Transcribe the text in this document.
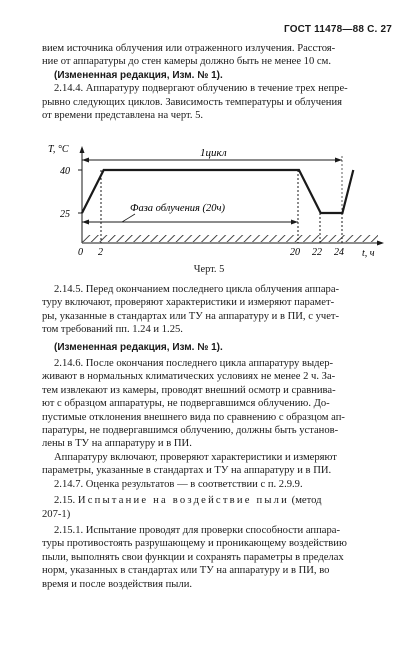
ГОСТ 11478—88 С. 27

вием источника облучения или отраженного излучения. Расстоя-

ние от аппаратуры до стен камеры должно быть не менее 10 см.

(Измененная редакция, Изм. № 1).

2.14.4. Аппаратуру подвергают облучению в течение трех непре-

рывно следующих циклов. Зависимость температуры и облучения

от времени представлена на черт. 5.

T, °C
t, ч
40
25
0 2	20 22 24
1цикл
Фаза облучения (20ч)
Черт. 5

2.14.5. Перед окончанием последнего цикла облучения аппара-

туру включают, проверяют характеристики и измеряют парамет-

ры, указанные в стандартах или ТУ на аппаратуру и в ПИ, с учет-

том требований пп. 1.24 и 1.25.

(Измененная редакция, Изм. № 1).

2.14.6. После окончания последнего цикла аппаратуру выдер-

живают в нормальных климатических условиях не менее 2 ч. За-

тем извлекают из камеры, проводят внешний осмотр и сравнива-

ют с образцом аппаратуры, не подвергавшимся облучению. До-

пустимые отклонения внешнего вида по сравнению с образцом ап-

паратуры, не подвергавшимся облучению, должны быть установ-

лены в ТУ на аппаратуру и в ПИ.

Аппаратуру включают, проверяют характеристики и измеряют

параметры, указанные в стандартах и ТУ на аппаратуру и в ПИ.

2.14.7. Оценка результатов — в соответствии с п. 2.9.9.

2.15. Испытание на воздействие пыли (метод

207-1)

2.15.1. Испытание проводят для проверки способности аппара-

туры противостоять разрушающему и проникающему воздействию

пыли, выполнять свои функции и сохранять параметры в пределах

норм, указанных в стандартах или ТУ на аппаратуру и в ПИ, во

время и после воздействия пыли.
